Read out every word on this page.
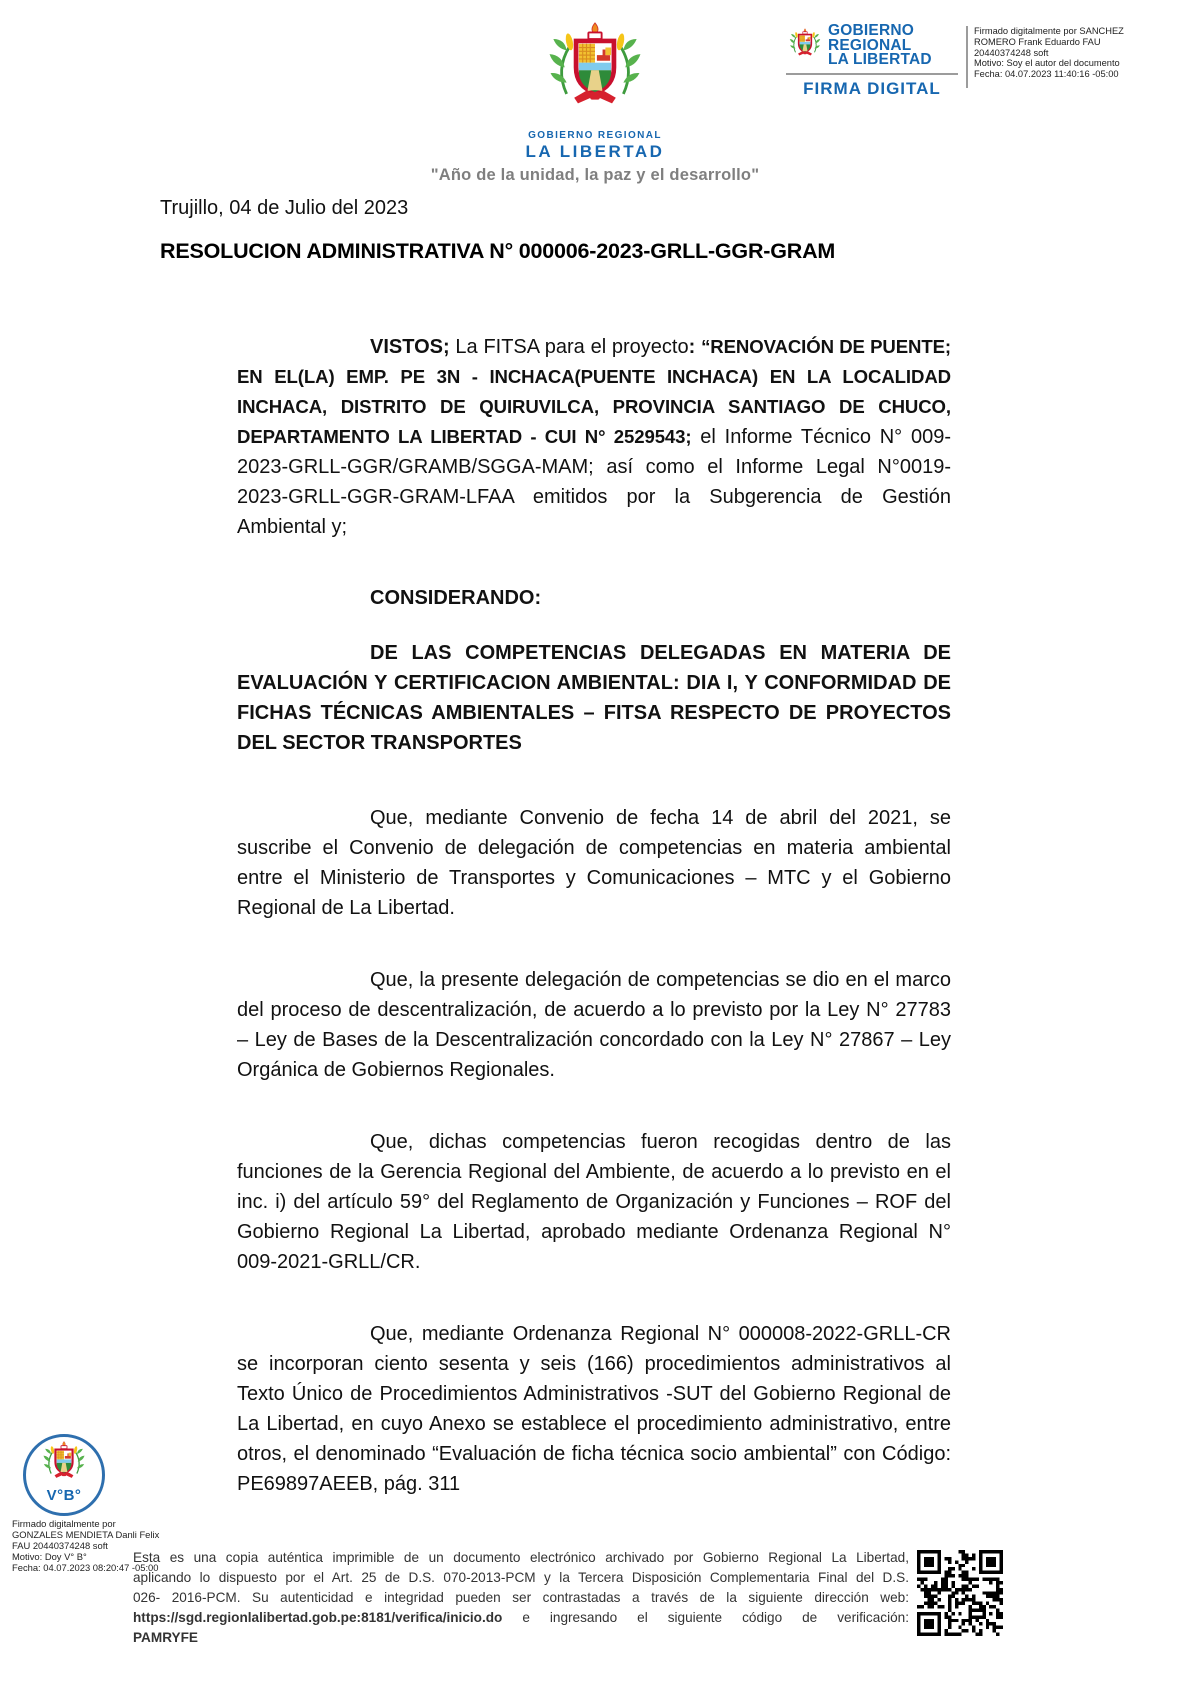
GOBIERNO REGIONAL
LA LIBERTAD
"Año de la unidad, la paz y el desarrollo"
GOBIERNO
REGIONAL
LA LIBERTAD
FIRMA DIGITAL
Firmado digitalmente por SANCHEZ
ROMERO Frank Eduardo FAU
20440374248 soft
Motivo: Soy el autor del documento
Fecha: 04.07.2023 11:40:16 -05:00
Trujillo, 04 de Julio del 2023
RESOLUCION ADMINISTRATIVA N° 000006-2023-GRLL-GGR-GRAM
VISTOS; La FITSA para el proyecto: “RENOVACIÓN DE PUENTE; EN EL(LA) EMP. PE 3N - INCHACA(PUENTE INCHACA) EN LA LOCALIDAD INCHACA, DISTRITO DE QUIRUVILCA, PROVINCIA SANTIAGO DE CHUCO, DEPARTAMENTO LA LIBERTAD - CUI N° 2529543; el Informe Técnico N° 009-2023-GRLL-GGR/GRAMB/SGGA-MAM; así como el Informe Legal N°0019-2023-GRLL-GGR-GRAM-LFAA emitidos por la Subgerencia de Gestión Ambiental y;
CONSIDERANDO:
DE LAS COMPETENCIAS DELEGADAS EN MATERIA DE EVALUACIÓN Y CERTIFICACION AMBIENTAL: DIA I, Y CONFORMIDAD DE FICHAS TÉCNICAS AMBIENTALES – FITSA RESPECTO DE PROYECTOS DEL SECTOR TRANSPORTES
Que, mediante Convenio de fecha 14 de abril del 2021, se suscribe el Convenio de delegación de competencias en materia ambiental entre el Ministerio de Transportes y Comunicaciones – MTC y el Gobierno Regional de La Libertad.
Que, la presente delegación de competencias se dio en el marco del proceso de descentralización, de acuerdo a lo previsto por la Ley N° 27783 – Ley de Bases de la Descentralización concordado con la Ley N° 27867 – Ley Orgánica de Gobiernos Regionales.
Que, dichas competencias fueron recogidas dentro de las funciones de la Gerencia Regional del Ambiente, de acuerdo a lo previsto en el inc. i) del artículo 59° del Reglamento de Organización y Funciones – ROF del Gobierno Regional La Libertad, aprobado mediante Ordenanza Regional N° 009-2021-GRLL/CR.
Que, mediante Ordenanza Regional N° 000008-2022-GRLL-CR se incorporan ciento sesenta y seis (166) procedimientos administrativos al Texto Único de Procedimientos Administrativos -SUT del Gobierno Regional de La Libertad, en cuyo Anexo se establece el procedimiento administrativo, entre otros, el denominado “Evaluación de ficha técnica socio ambiental” con Código: PE69897AEEB, pág. 311
V°B°
Firmado digitalmente por
GONZALES MENDIETA Danli Felix
FAU 20440374248 soft
Motivo: Doy V° B°
Fecha: 04.07.2023 08:20:47 -05:00
Esta es una copia auténtica imprimible de un documento electrónico archivado por Gobierno Regional La Libertad,
aplicando lo dispuesto por el Art. 25 de D.S. 070-2013-PCM y la Tercera Disposición Complementaria Final del D.S.
026- 2016-PCM. Su autenticidad e integridad pueden ser contrastadas a través de la siguiente dirección web:
https://sgd.regionlalibertad.gob.pe:8181/verifica/inicio.do e ingresando el siguiente código de verificación:
PAMRYFE
